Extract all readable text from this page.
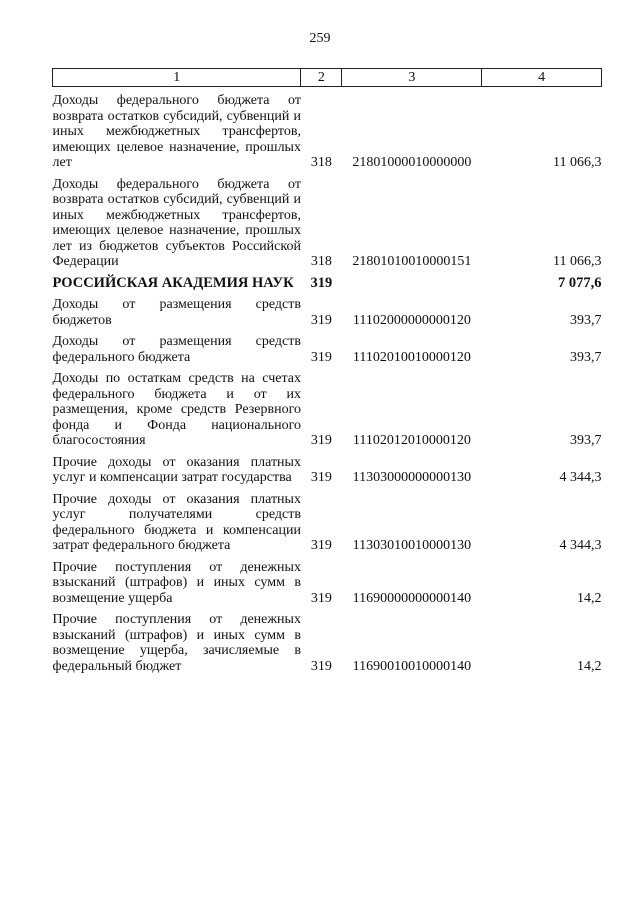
259
1	2	3	4

Доходы федерального бюджета от возврата остатков субсидий, субвенций и иных межбюджетных трансфертов, имеющих целевое назначение, прошлых лет	318	21801000010000000	11 066,3

Доходы федерального бюджета от возврата остатков субсидий, субвенций и иных межбюджетных трансфертов, имеющих целевое назначение, прошлых лет из бюджетов субъектов Российской Федерации	318	21801010010000151	11 066,3

РОССИЙСКАЯ АКАДЕМИЯ НАУК	319		7 077,6

Доходы от размещения средств бюджетов	319	11102000000000120	393,7

Доходы от размещения средств федерального бюджета	319	11102010010000120	393,7

Доходы по остаткам средств на счетах федерального бюджета и от их размещения, кроме средств Резервного фонда и Фонда национального благосостояния	319	11102012010000120	393,7

Прочие доходы от оказания платных услуг и компенсации затрат государства	319	11303000000000130	4 344,3

Прочие доходы от оказания платных услуг получателями средств федерального бюджета и компенсации затрат федерального бюджета	319	11303010010000130	4 344,3

Прочие поступления от денежных взысканий (штрафов) и иных сумм в возмещение ущерба	319	11690000000000140	14,2

Прочие поступления от денежных взысканий (штрафов) и иных сумм в возмещение ущерба, зачисляемые в федеральный бюджет	319	11690010010000140	14,2
